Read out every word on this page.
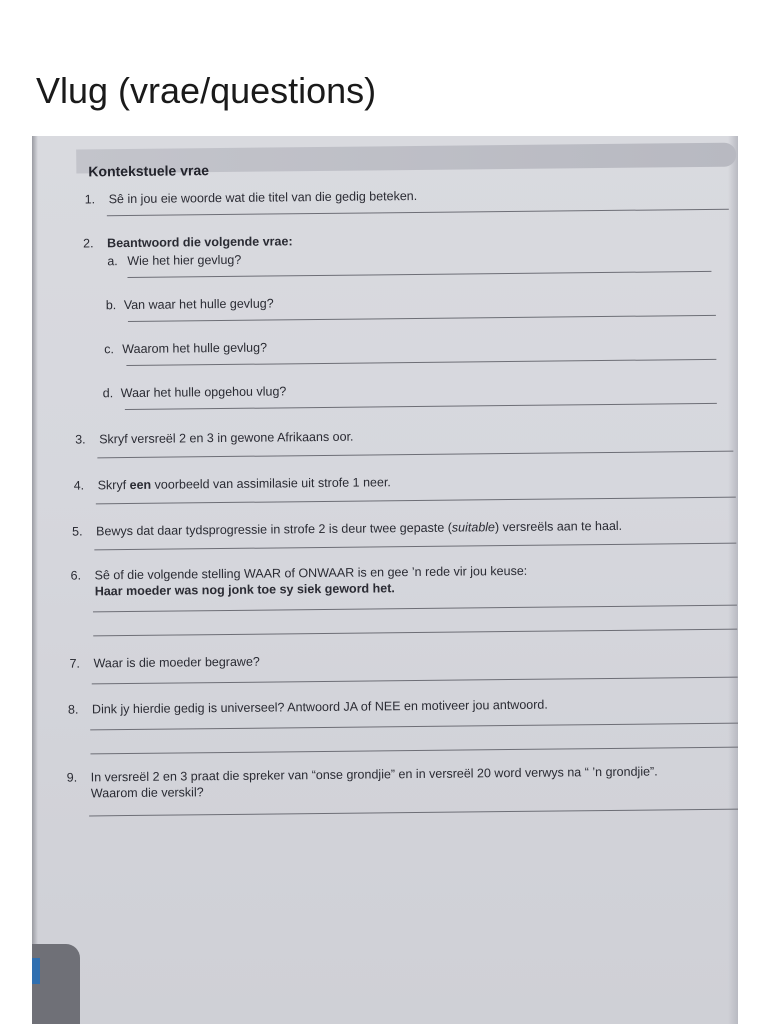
Vlug (vrae/questions)
Kontekstuele vrae
1.	Sê in jou eie woorde wat die titel van die gedig beteken.
2.	Beantwoord die volgende vrae:
a. Wie het hier gevlug?
b. Van waar het hulle gevlug?
c. Waarom het hulle gevlug?
d. Waar het hulle opgehou vlug?
3.	Skryf versreël 2 en 3 in gewone Afrikaans oor.
4.	Skryf een voorbeeld van assimilasie uit strofe 1 neer.
5.	Bewys dat daar tydsprogressie in strofe 2 is deur twee gepaste (suitable) versreëls aan te haal.
6.	Sê of die volgende stelling WAAR of ONWAAR is en gee ’n rede vir jou keuse:
Haar moeder was nog jonk toe sy siek geword het.
7.	Waar is die moeder begrawe?
8.	Dink jy hierdie gedig is universeel? Antwoord JA of NEE en motiveer jou antwoord.
9.	In versreël 2 en 3 praat die spreker van “onse grondjie” en in versreël 20 word verwys na “ ’n grondjie”.
Waarom die verskil?
